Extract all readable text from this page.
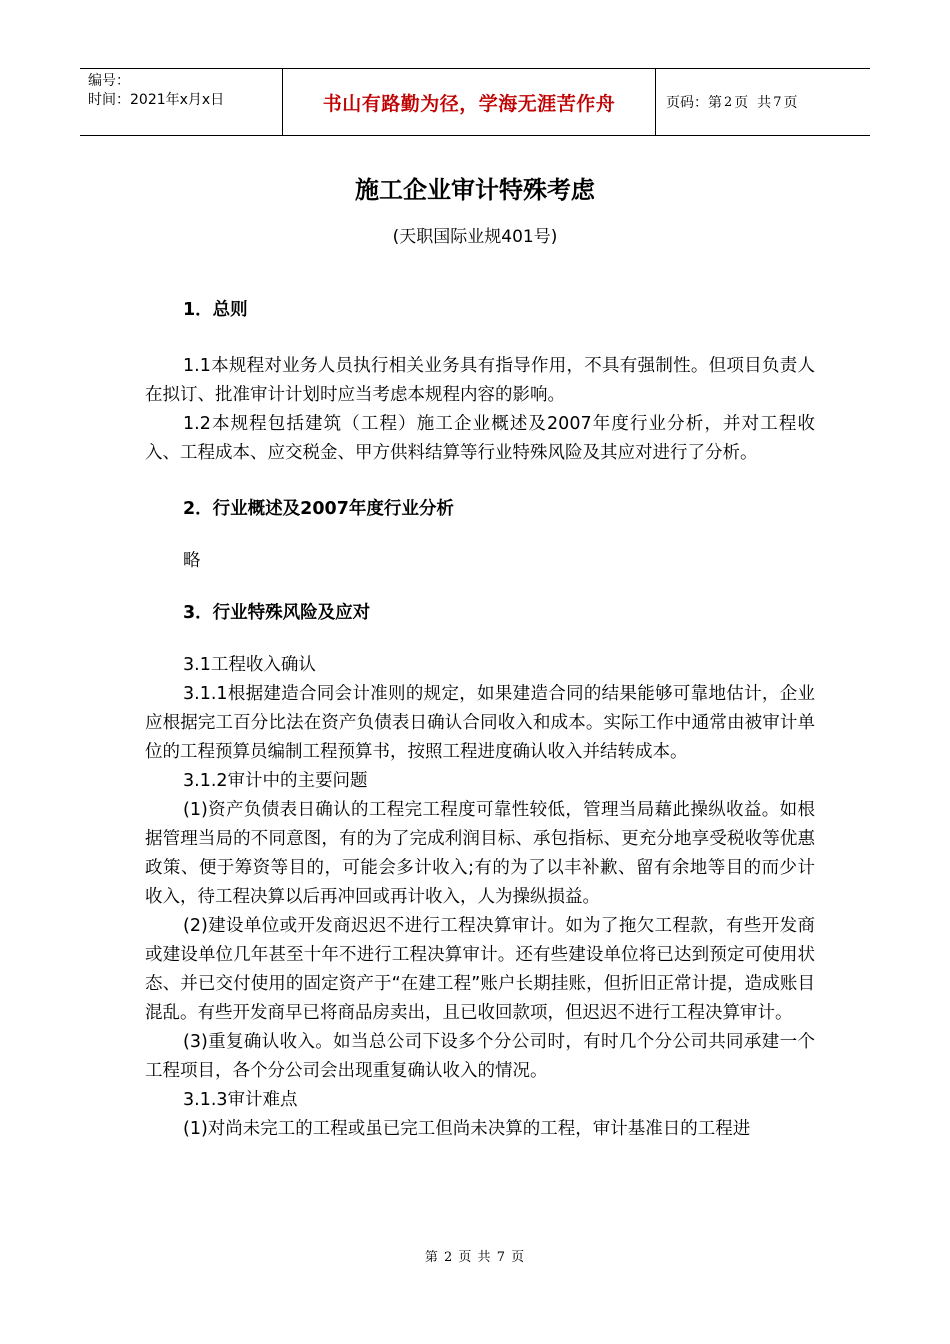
编号：
时间：2021年x月x日	书山有路勤为径，学海无涯苦作舟	页码：第 2 页  共 7 页
施工企业审计特殊考虑
(天职国际业规401号)

1．总则

1.1本规程对业务人员执行相关业务具有指导作用，不具有强制性。但项目负责人在拟订、批准审计计划时应当考虑本规程内容的影响。

1.2本规程包括建筑（工程）施工企业概述及2007年度行业分析，并对工程收入、工程成本、应交税金、甲方供料结算等行业特殊风险及其应对进行了分析。

2．行业概述及2007年度行业分析

略

3．行业特殊风险及应对

3.1工程收入确认

3.1.1根据建造合同会计准则的规定，如果建造合同的结果能够可靠地估计，企业应根据完工百分比法在资产负债表日确认合同收入和成本。实际工作中通常由被审计单位的工程预算员编制工程预算书，按照工程进度确认收入并结转成本。

3.1.2审计中的主要问题

(1)资产负债表日确认的工程完工程度可靠性较低，管理当局藉此操纵收益。如根据管理当局的不同意图，有的为了完成利润目标、承包指标、更充分地享受税收等优惠政策、便于筹资等目的，可能会多计收入;有的为了以丰补歉、留有余地等目的而少计收入，待工程决算以后再冲回或再计收入，人为操纵损益。

(2)建设单位或开发商迟迟不进行工程决算审计。如为了拖欠工程款，有些开发商或建设单位几年甚至十年不进行工程决算审计。还有些建设单位将已达到预定可使用状态、并已交付使用的固定资产于“在建工程”账户长期挂账，但折旧正常计提，造成账目混乱。有些开发商早已将商品房卖出，且已收回款项，但迟迟不进行工程决算审计。

(3)重复确认收入。如当总公司下设多个分公司时，有时几个分公司共同承建一个工程项目，各个分公司会出现重复确认收入的情况。

3.1.3审计难点

(1)对尚未完工的工程或虽已完工但尚未决算的工程，审计基准日的工程进

第 2 页 共 7 页
